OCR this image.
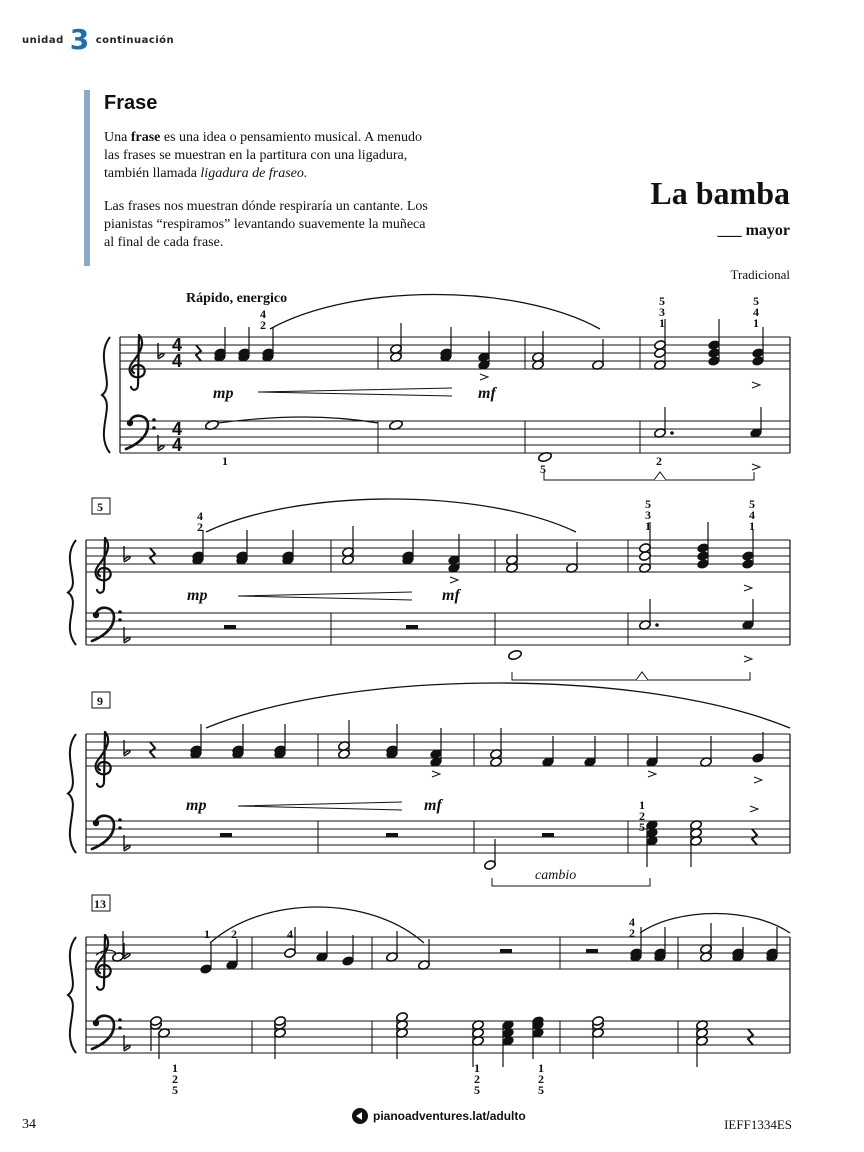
unidad 3 continuación
Frase

Una frase es una idea o pensamiento musical. A menudo las frases se muestran en la partitura con una ligadura, también llamada ligadura de fraseo.

Las frases nos muestran dónde respiraría un cantante. Los pianistas “respiramos” levantando suavemente la muñeca al final de cada frase.

La bamba
___ mayor
Tradicional
4
4
4
4
5
9
13
Rápido, energico
4
2
5
3
1
5
4
1
mp	mf
1
5
2
4
2
5
3
1
5
4
1
mp	mf
mp	mf	1
2
5
cambio
1 2	4
4
2
1
2
5
1
2
5
1
2
5
34
pianoadventures.lat/adulto
IEFF1334ES
